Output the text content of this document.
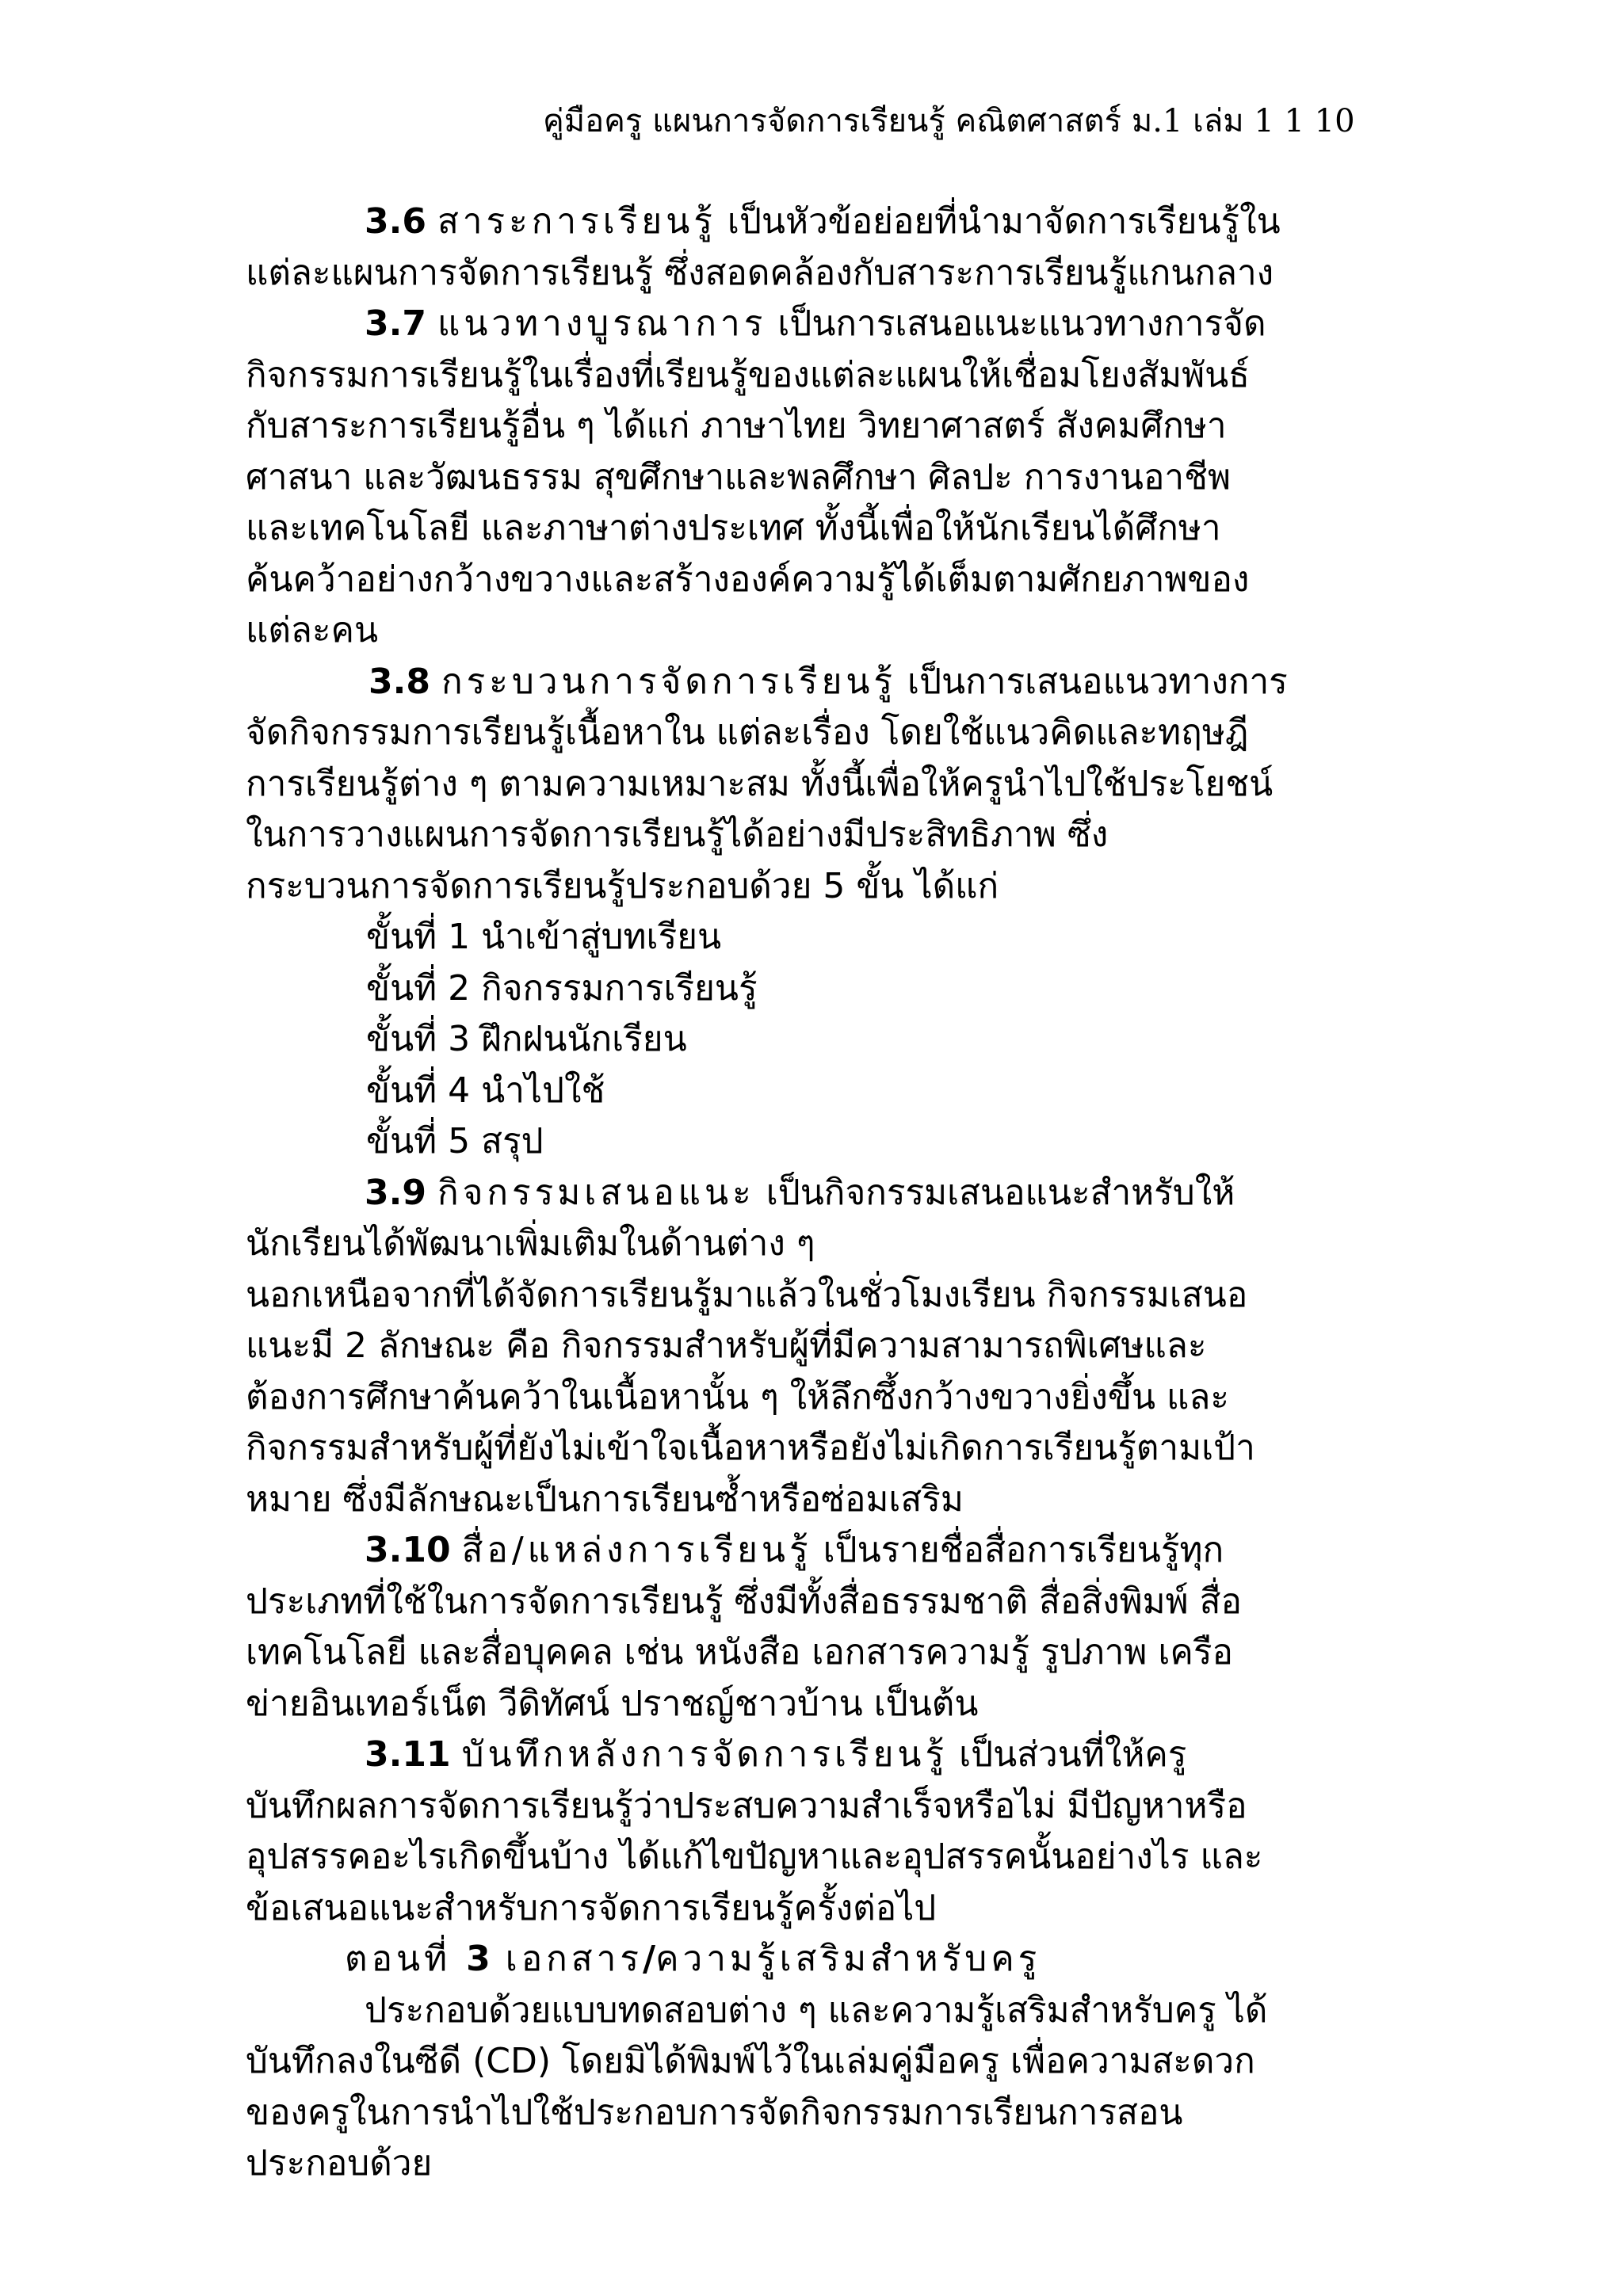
คู่มือครู แผนการจัดการเรียนรู้ คณิตศาสตร์ ม.1 เล่ม 1 1 10
3.6 สาระการเรียนรู้ เป็นหัวข้อย่อยที่นำมาจัดการเรียนรู้ใน
แต่ละแผนการจัดการเรียนรู้ ซึ่งสอดคล้องกับสาระการเรียนรู้แกนกลาง
3.7 แนวทางบูรณาการ เป็นการเสนอแนะแนวทางการจัด
กิจกรรมการเรียนรู้ในเรื่องที่เรียนรู้ของแต่ละแผนให้เชื่อมโยงสัมพันธ์
กับสาระการเรียนรู้อื่น ๆ ได้แก่ ภาษาไทย วิทยาศาสตร์ สังคมศึกษา
ศาสนา และวัฒนธรรม สุขศึกษาและพลศึกษา ศิลปะ การงานอาชีพ
และเทคโนโลยี และภาษาต่างประเทศ ทั้งนี้เพื่อให้นักเรียนได้ศึกษา
ค้นคว้าอย่างกว้างขวางและสร้างองค์ความรู้ได้เต็มตามศักยภาพของ
แต่ละคน
3.8 กระบวนการจัดการเรียนรู้ เป็นการเสนอแนวทางการ
จัดกิจกรรมการเรียนรู้เนื้อหาใน แต่ละเรื่อง โดยใช้แนวคิดและทฤษฎี
การเรียนรู้ต่าง ๆ ตามความเหมาะสม ทั้งนี้เพื่อให้ครูนำไปใช้ประโยชน์
ในการวางแผนการจัดการเรียนรู้ได้อย่างมีประสิทธิภาพ ซึ่ง
กระบวนการจัดการเรียนรู้ประกอบด้วย 5 ขั้น ได้แก่
ขั้นที่ 1 นำเข้าสู่บทเรียน
ขั้นที่ 2 กิจกรรมการเรียนรู้
ขั้นที่ 3 ฝึกฝนนักเรียน
ขั้นที่ 4 นำไปใช้
ขั้นที่ 5 สรุป
3.9 กิจกรรมเสนอแนะ เป็นกิจกรรมเสนอแนะสำหรับให้
นักเรียนได้พัฒนาเพิ่มเติมในด้านต่าง ๆ
นอกเหนือจากที่ได้จัดการเรียนรู้มาแล้วในชั่วโมงเรียน กิจกรรมเสนอ
แนะมี 2 ลักษณะ คือ กิจกรรมสำหรับผู้ที่มีความสามารถพิเศษและ
ต้องการศึกษาค้นคว้าในเนื้อหานั้น ๆ ให้ลึกซึ้งกว้างขวางยิ่งขึ้น และ
กิจกรรมสำหรับผู้ที่ยังไม่เข้าใจเนื้อหาหรือยังไม่เกิดการเรียนรู้ตามเป้า
หมาย ซึ่งมีลักษณะเป็นการเรียนซ้ำหรือซ่อมเสริม
3.10 สื่อ/แหล่งการเรียนรู้ เป็นรายชื่อสื่อการเรียนรู้ทุก
ประเภทที่ใช้ในการจัดการเรียนรู้ ซึ่งมีทั้งสื่อธรรมชาติ สื่อสิ่งพิมพ์ สื่อ
เทคโนโลยี และสื่อบุคคล เช่น หนังสือ เอกสารความรู้ รูปภาพ เครือ
ข่ายอินเทอร์เน็ต วีดิทัศน์ ปราชญ์ชาวบ้าน เป็นต้น
3.11 บันทึกหลังการจัดการเรียนรู้ เป็นส่วนที่ให้ครู
บันทึกผลการจัดการเรียนรู้ว่าประสบความสำเร็จหรือไม่ มีปัญหาหรือ
อุปสรรคอะไรเกิดขึ้นบ้าง ได้แก้ไขปัญหาและอุปสรรคนั้นอย่างไร และ
ข้อเสนอแนะสำหรับการจัดการเรียนรู้ครั้งต่อไป
ตอนที่ 3 เอกสาร/ความรู้เสริมสำหรับครู
ประกอบด้วยแบบทดสอบต่าง ๆ และความรู้เสริมสำหรับครู ได้
บันทึกลงในซีดี (CD) โดยมิได้พิมพ์ไว้ในเล่มคู่มือครู เพื่อความสะดวก
ของครูในการนำไปใช้ประกอบการจัดกิจกรรมการเรียนการสอน
ประกอบด้วย
